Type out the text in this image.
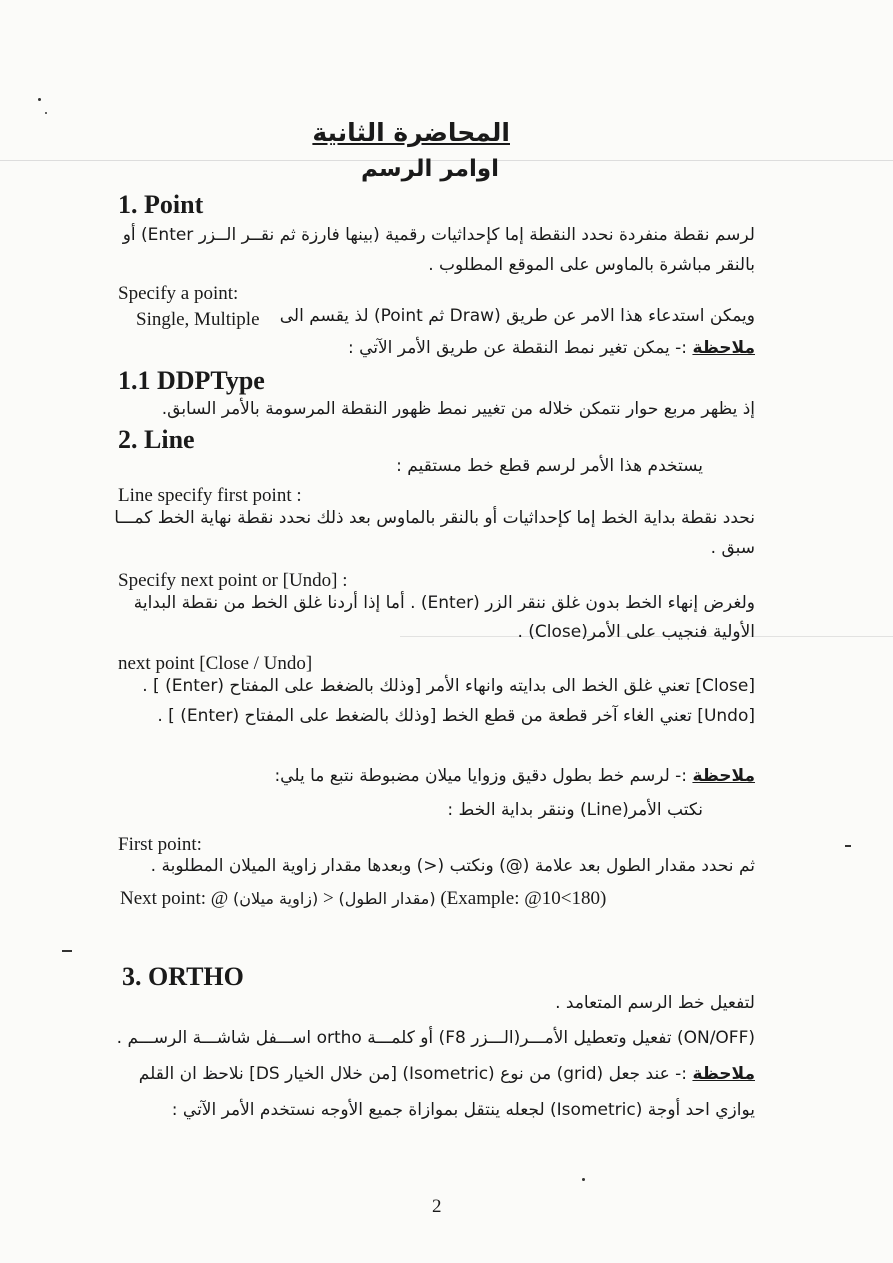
المحاضرة الثانية
اوامر الرسم
1. Point
لرسم نقطة منفردة نحدد النقطة إما كإحداثيات رقمية (بينها فارزة ثم نقــر الــزر Enter) أو
بالنقر مباشرة بالماوس على الموقع المطلوب .
Specify a point:
ويمكن استدعاء هذا الامر عن طريق (Draw ثم Point) لذ يقسم الى
Single, Multiple
ملاحظة :- يمكن تغير نمط النقطة عن طريق الأمر الآتي :
1.1 DDPType
إذ يظهر مربع حوار نتمكن خلاله من تغيير نمط ظهور النقطة المرسومة بالأمر السابق.
2. Line
يستخدم هذا الأمر لرسم قطع خط مستقيم :
Line specify first point :
نحدد نقطة بداية الخط إما كإحداثيات أو بالنقر بالماوس بعد ذلك نحدد نقطة نهاية الخط كمـــا
سبق .
Specify next point or [Undo] :
ولغرض إنهاء الخط بدون غلق ننقر الزر (Enter) . أما إذا أردنا غلق الخط من نقطة البداية
الأولية فنجيب على الأمر(Close) .
next point [Close / Undo]
[Close] تعني غلق الخط الى بدايته وانهاء الأمر [وذلك بالضغط على المفتاح (Enter) ] .
[Undo] تعني الغاء آخر قطعة من قطع الخط [وذلك بالضغط على المفتاح (Enter) ] .
ملاحظة :- لرسم خط بطول دقيق وزوايا ميلان مضبوطة نتبع ما يلي:
نكتب الأمر(Line) وننقر بداية الخط :
First point:
ثم نحدد مقدار الطول بعد علامة (@) ونكتب (<) وبعدها مقدار زاوية الميلان المطلوبة .
Next point: @	(مقدار الطول) < (زاوية ميلان)	(Example: @10<180)
3. ORTHO
لتفعيل خط الرسم المتعامد .
(ON/OFF) تفعيل وتعطيل الأمـــر(الـــزر F8) أو كلمـــة ortho اســـفل شاشـــة الرســـم .
ملاحظة :- عند جعل (grid) من نوع (Isometric) [من خلال الخيار DS] نلاحظ ان القلم
يوازي احد أوجة (Isometric) لجعله ينتقل بموازاة جميع الأوجه نستخدم الأمر الآتي :
2
